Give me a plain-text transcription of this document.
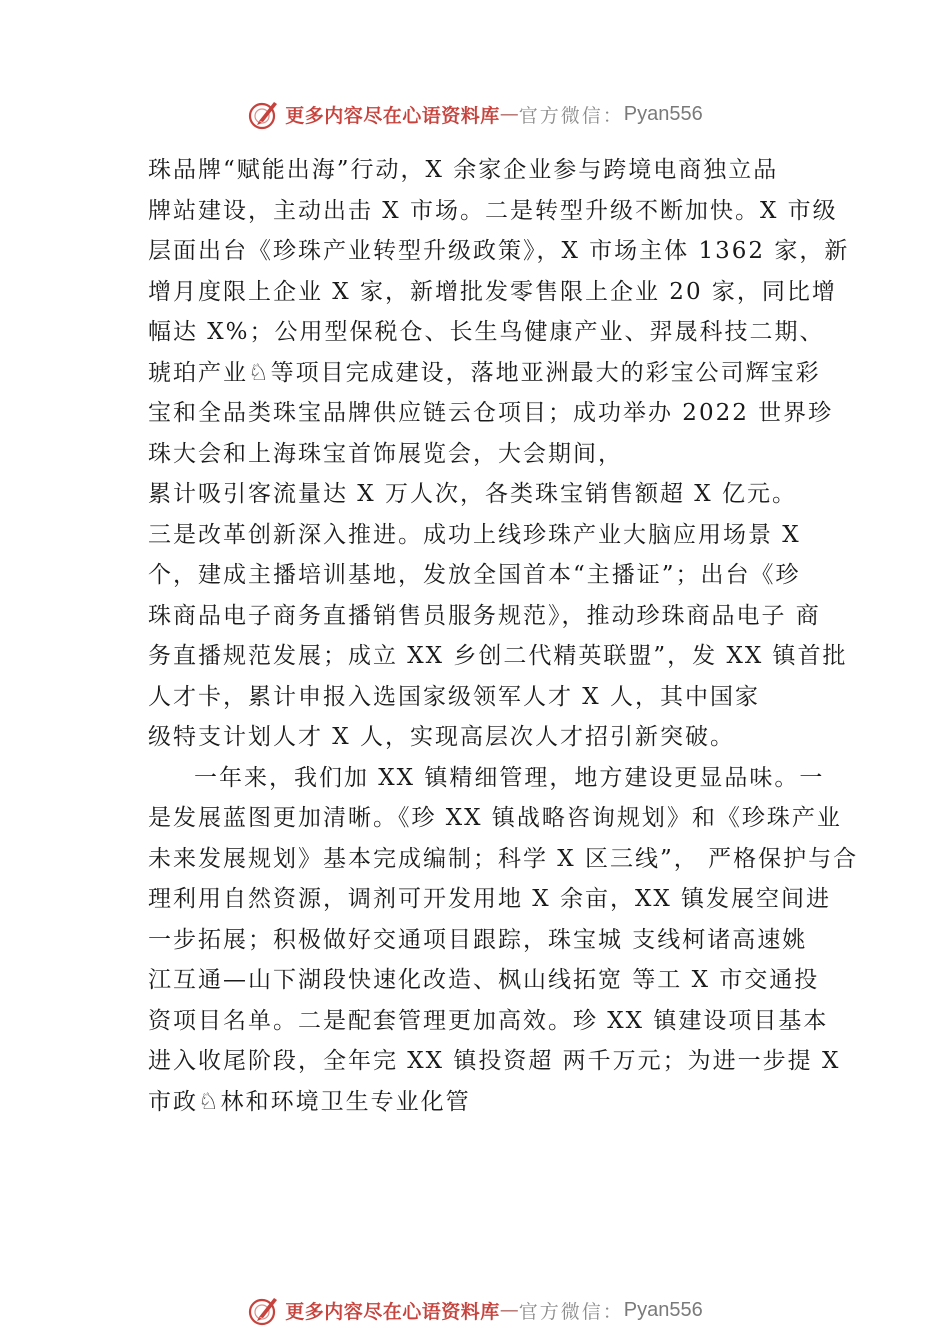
更多内容尽在心语资料库 — 官方微信： Pyan556
珠品牌“赋能出海”行动，X 余家企业参与跨境电商独立品
牌站建设，主动出击 X 市场。二是转型升级不断加快。X 市级
层面出台《珍珠产业转型升级政策》，X 市场主体 1362 家，新
增月度限上企业 X 家，新增批发零售限上企业 20 家，同比增
幅达 X%；公用型保税仓、长生鸟健康产业、羿晟科技二期、
琥珀产业♘等项目完成建设，落地亚洲最大的彩宝公司辉宝彩
宝和全品类珠宝品牌供应链云仓项目；成功举办 2022 世界珍
珠大会和上海珠宝首饰展览会，大会期间，
累计吸引客流量达 X 万人次，各类珠宝销售额超 X 亿元。
三是改革创新深入推进。成功上线珍珠产业大脑应用场景 X
个，建成主播培训基地，发放全国首本“主播证”；出台《珍
珠商品电子商务直播销售员服务规范》，推动珍珠商品电子 商
务直播规范发展；成立 XX 乡创二代精英联盟”，发 XX 镇首批
人才卡，累计申报入选国家级领军人才 X 人，其中国家
级特支计划人才 X 人，实现高层次人才招引新突破。
一年来，我们加 XX 镇精细管理，地方建设更显品味。一
是发展蓝图更加清晰。《珍 XX 镇战略咨询规划》和《珍珠产业
未来发展规划》基本完成编制；科学 X 区三线”， 严格保护与合
理利用自然资源，调剂可开发用地 X 余亩，XX 镇发展空间进
一步拓展；积极做好交通项目跟踪，珠宝城 支线柯诸高速姚
江互通—山下湖段快速化改造、枫山线拓宽 等工 X 市交通投
资项目名单。二是配套管理更加高效。珍 XX 镇建设项目基本
进入收尾阶段，全年完 XX 镇投资超 两千万元；为进一步提 X
市政♘林和环境卫生专业化管
更多内容尽在心语资料库 — 官方微信： Pyan556
